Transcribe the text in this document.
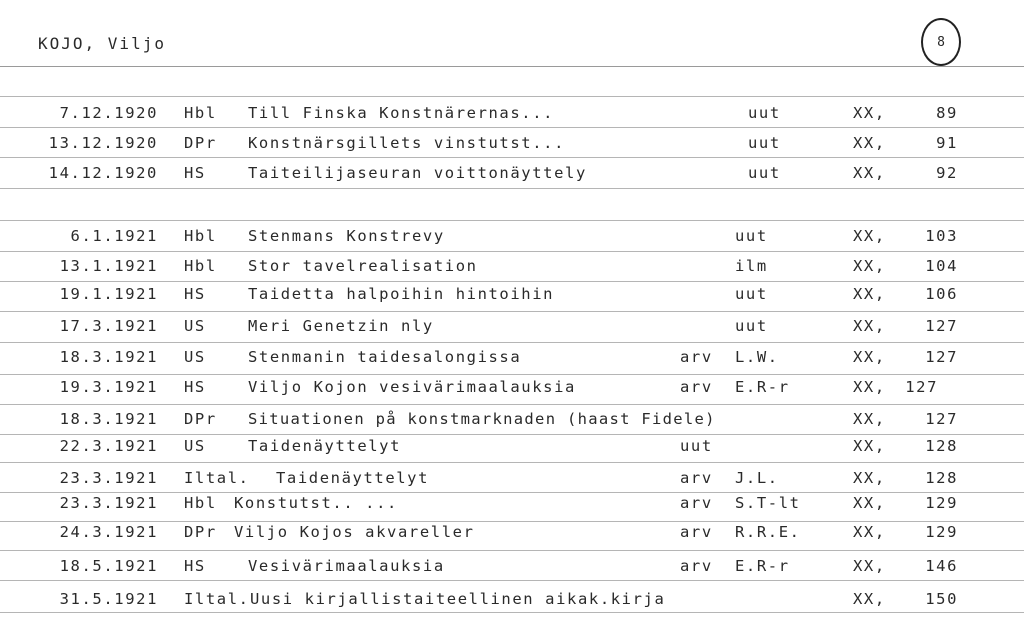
KOJO, Viljo	8
7.12.1920 Hbl Till Finska Konstnärernas...	uut	XX,	89
13.12.1920 DPr Konstnärsgillets vinstutst...	uut	XX,	91
14.12.1920 HS	Taiteilijaseuran voittonäyttely	uut	XX,	92
6.1.1921 Hbl Stenmans Konstrevy	uut	XX,	103
13.1.1921 Hbl Stor tavelrealisation	ilm	XX,	104
19.1.1921 HS	Taidetta halpoihin hintoihin	uut	XX,	106
17.3.1921 US	Meri Genetzin nly	uut	XX,	127
18.3.1921 US	Stenmanin taidesalongissa	arv L.W.	XX,	127
19.3.1921 HS	Viljo Kojon vesivärimaalauksia	arv E.R-r	XX, 127
18.3.1921 DPr Situationen på konstmarknaden (haast Fidele)	XX,	127
22.3.1921 US	Taidenäyttelyt	uut	XX,	128
23.3.1921 Iltal. Taidenäyttelyt	arv J.L.	XX,	128
23.3.1921 Hbl Konstutst.. ...	arv S.T-lt	XX,	129
24.3.1921 DPr Viljo Kojos akvareller	arv R.R.E.	XX,	129
18.5.1921 HS	Vesivärimaalauksia	arv E.R-r	XX,	146
31.5.1921 Iltal. Uusi kirjallistaiteellinen aikak.kirja	XX,	150
